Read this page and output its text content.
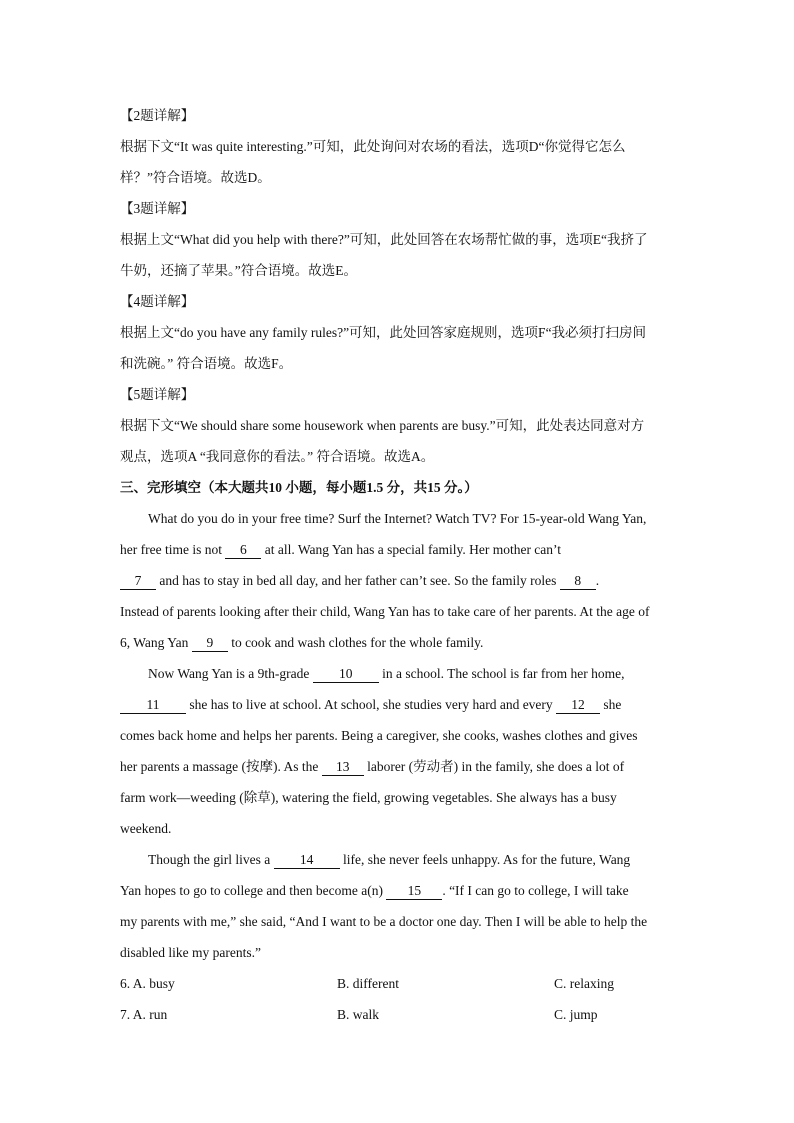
【2题详解】
根据下文“It was quite interesting.”可知，此处询问对农场的看法，选项D“你觉得它怎么
样？”符合语境。故选D。
【3题详解】
根据上文“What did you help with there?”可知，此处回答在农场帮忙做的事，选项E“我挤了
牛奶，还摘了苹果。”符合语境。故选E。
【4题详解】
根据上文“do you have any family rules?”可知，此处回答家庭规则，选项F“我必须打扫房间
和洗碗。” 符合语境。故选F。
【5题详解】
根据下文“We should share some housework when parents are busy.”可知，此处表达同意对方
观点，选项A “我同意你的看法。” 符合语境。故选A。
三、完形填空（本大题共10 小题，每小题1.5 分，共15 分。）
What do you do in your free time? Surf the Internet? Watch TV? For 15-year-old Wang Yan,
her free time is not 6 at all. Wang Yan has a special family. Her mother can’t
7 and has to stay in bed all day, and her father can’t see. So the family roles 8 .
Instead of parents looking after their child, Wang Yan has to take care of her parents. At the age of
6, Wang Yan 9 to cook and wash clothes for the whole family.
Now Wang Yan is a 9th-grade 10 in a school. The school is far from her home,
11 she has to live at school. At school, she studies very hard and every 12 she
comes back home and helps her parents. Being a caregiver, she cooks, washes clothes and gives
her parents a massage (按摩). As the 13 laborer (劳动者) in the family, she does a lot of
farm work—weeding (除草), watering the field, growing vegetables. She always has a busy
weekend.
Though the girl lives a 14 life, she never feels unhappy. As for the future, Wang
Yan hopes to go to college and then become a(n) 15 . “If I can go to college, I will take
my parents with me,” she said, “And I want to be a doctor one day. Then I will be able to help the
disabled like my parents.”
6. A. busy	B. different	C. relaxing
7. A. run	B. walk	C. jump
